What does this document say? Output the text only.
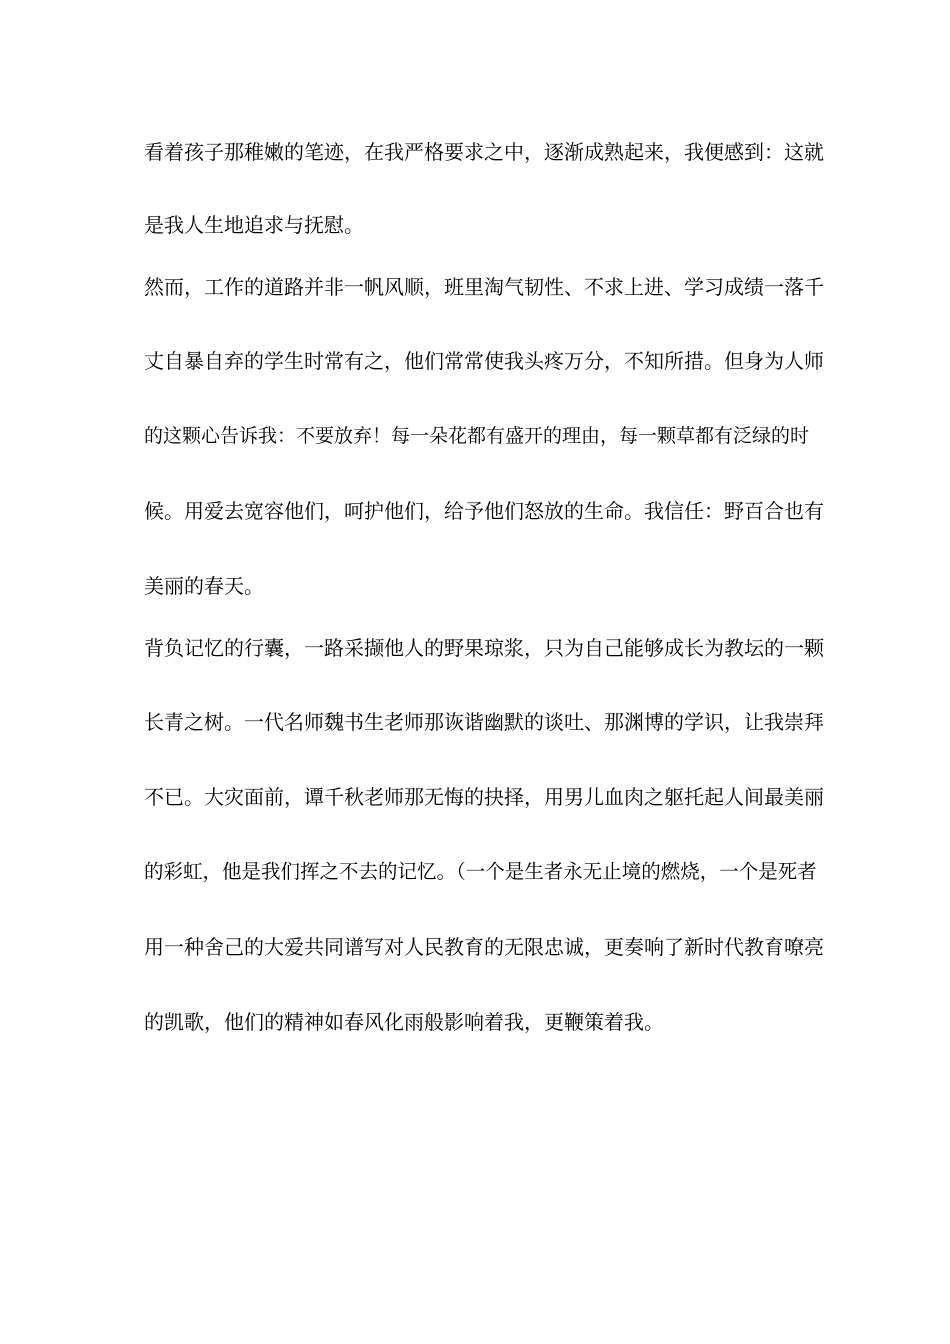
看着孩子那稚嫩的笔迹，在我严格要求之中，逐渐成熟起来，我便感到：这就
是我人生地追求与抚慰。
然而，工作的道路并非一帆风顺，班里淘气韧性、不求上进、学习成绩一落千
丈自暴自弃的学生时常有之，他们常常使我头疼万分，不知所措。但身为人师
的这颗心告诉我：不要放弃！每一朵花都有盛开的理由，每一颗草都有泛绿的时
候。用爱去宽容他们，呵护他们，给予他们怒放的生命。我信任：野百合也有
美丽的春天。
背负记忆的行囊，一路采撷他人的野果琼浆，只为自己能够成长为教坛的一颗
长青之树。一代名师魏书生老师那诙谐幽默的谈吐、那渊博的学识，让我崇拜
不已。大灾面前，谭千秋老师那无悔的抉择，用男儿血肉之躯托起人间最美丽
的彩虹，他是我们挥之不去的记忆。（一个是生者永无止境的燃烧，一个是死者
用一种舍己的大爱共同谱写对人民教育的无限忠诚，更奏响了新时代教育嘹亮
的凯歌，他们的精神如春风化雨般影响着我，更鞭策着我。
